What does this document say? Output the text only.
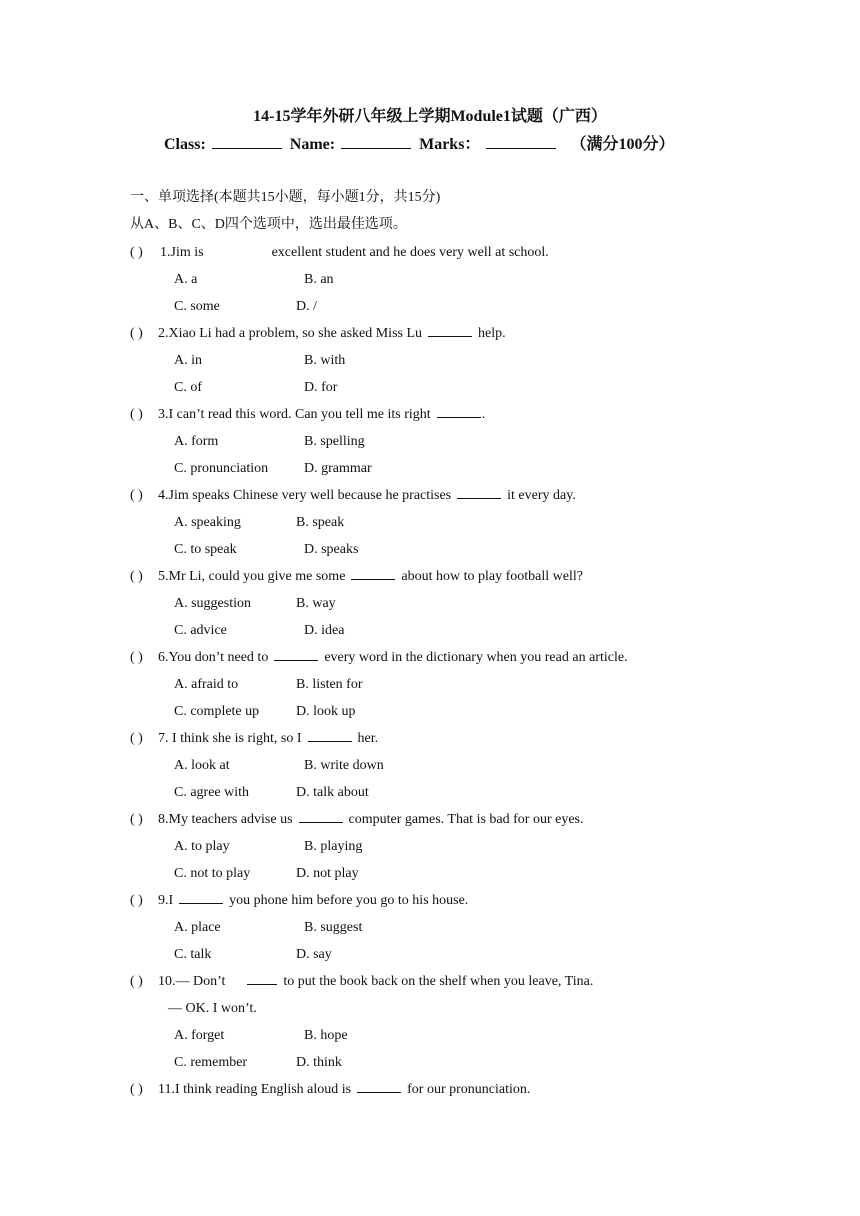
14-15学年外研八年级上学期Module1试题（广西）
Class:	Name:	Marks：	（满分100分）
一、单项选择(本题共15小题，每小题1分，共15分)
从A、B、C、D四个选项中，选出最佳选项。
( ) 1.Jim is	excellent student and he does very well at school.
A. a	B. an
C. some	D. /
( ) 2.Xiao Li had a problem, so she asked Miss Lu	help.
A. in	B. with
C. of	D. for
( ) 3.I can’t read this word. Can you tell me its right	.
A. form	B. spelling
C. pronunciation	D. grammar
( ) 4.Jim speaks Chinese very well because he practises	it every day.
A. speaking	B. speak
C. to speak	D. speaks
( ) 5.Mr Li, could you give me some	about how to play football well?
A. suggestion	B. way
C. advice	D. idea
( ) 6.You don’t need to	every word in the dictionary when you read an article.
A. afraid to	B. listen for
C. complete up	D. look up
( ) 7. I think she is right, so I	her.
A. look at	B. write down
C. agree with	D. talk about
( ) 8.My teachers advise us	computer games. That is bad for our eyes.
A. to play	B. playing
C. not to play	D. not play
( ) 9.I	you phone him before you go to his house.
A. place	B. suggest
C. talk	D. say
( ) 10.— Don’t	to put the book back on the shelf when you leave, Tina.
— OK. I won’t.
A. forget	B. hope
C. remember	D. think
( ) 11.I think reading English aloud is	for our pronunciation.
